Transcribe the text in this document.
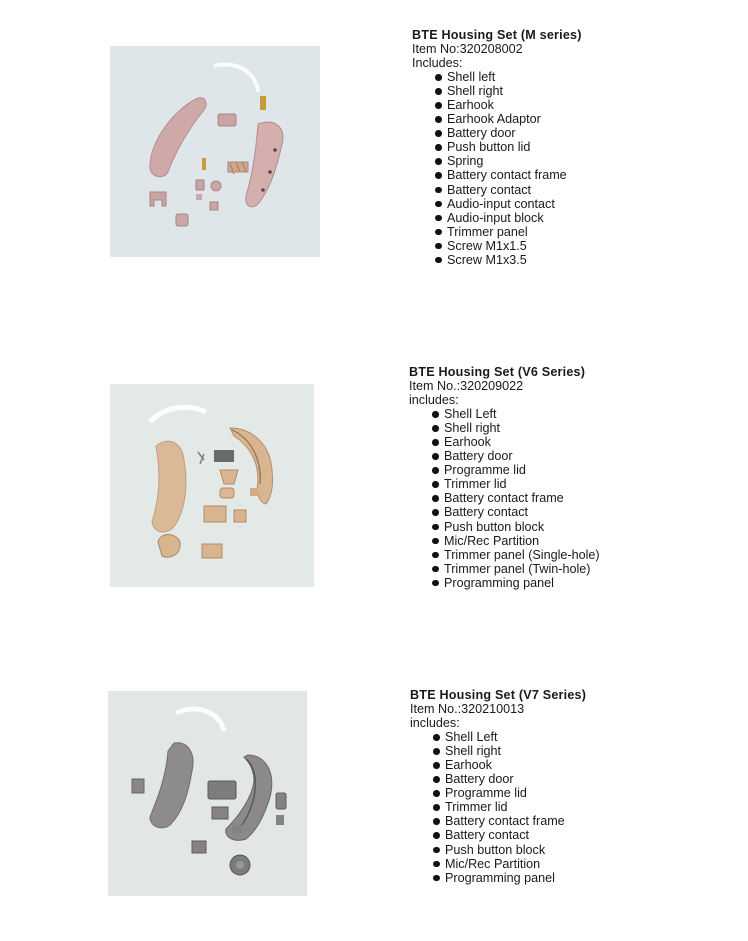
BTE Housing Set (M series)
Item No:320208002
Includes:
Shell left
Shell right
Earhook
Earhook Adaptor
Battery door
Push button lid
Spring
Battery contact frame
Battery contact
Audio-input contact
Audio-input block
Trimmer panel
Screw M1x1.5
Screw M1x3.5
BTE Housing Set (V6 Series)
Item No.:320209022
includes:
Shell Left
Shell right
Earhook
Battery door
Programme lid
Trimmer lid
Battery contact frame
Battery contact
Push button block
Mic/Rec Partition
Trimmer panel (Single-hole)
Trimmer panel (Twin-hole)
Programming panel
BTE Housing Set (V7 Series)
Item No.:320210013
includes:
Shell Left
Shell right
Earhook
Battery door
Programme lid
Trimmer lid
Battery contact frame
Battery contact
Push button block
Mic/Rec Partition
Programming panel
